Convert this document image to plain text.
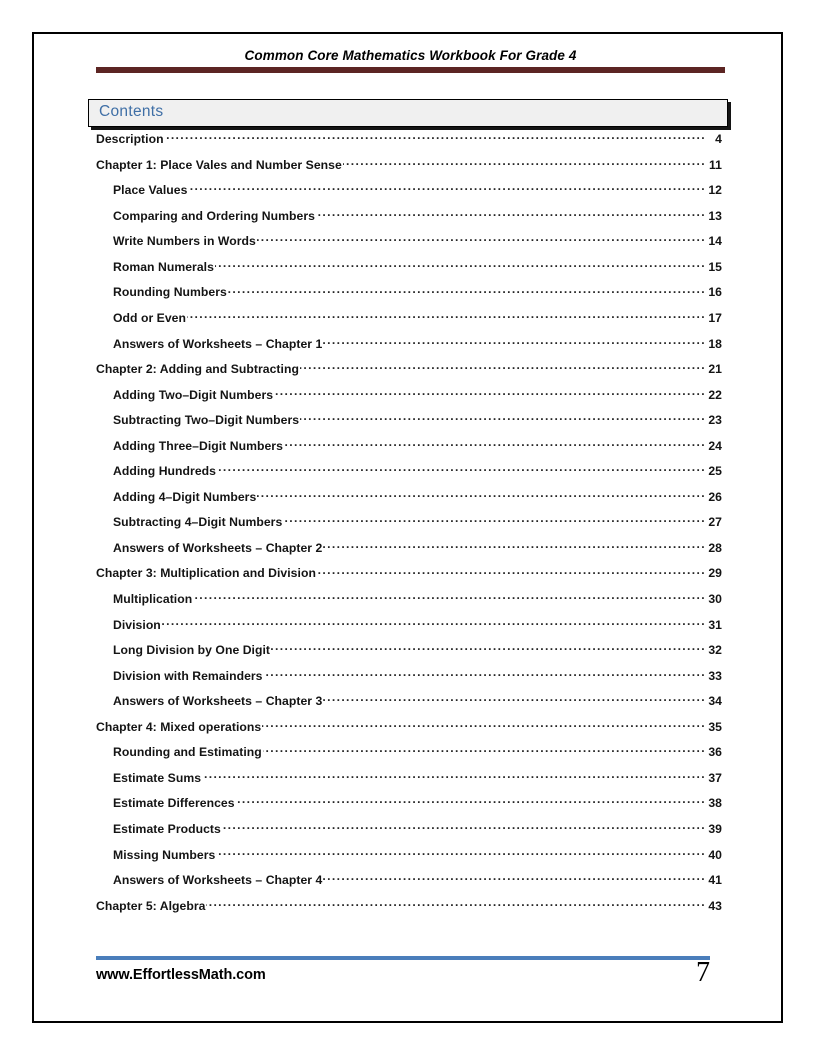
Common Core Mathematics Workbook For Grade 4
Contents
Description .....	4
Chapter 1: Place Vales and Number Sense .....	11
Place Values .....	12
Comparing and Ordering Numbers .....	13
Write Numbers in Words .....	14
Roman Numerals .....	15
Rounding Numbers .....	16
Odd or Even .....	17
Answers of Worksheets – Chapter 1 .....	18
Chapter 2: Adding and Subtracting .....	21
Adding Two–Digit Numbers .....	22
Subtracting Two–Digit Numbers .....	23
Adding Three–Digit Numbers .....	24
Adding Hundreds .....	25
Adding 4–Digit Numbers .....	26
Subtracting 4–Digit Numbers .....	27
Answers of Worksheets – Chapter 2 .....	28
Chapter 3: Multiplication and Division .....	29
Multiplication .....	30
Division .....	31
Long Division by One Digit .....	32
Division with Remainders .....	33
Answers of Worksheets – Chapter 3 .....	34
Chapter 4: Mixed operations .....	35
Rounding and Estimating .....	36
Estimate Sums .....	37
Estimate Differences .....	38
Estimate Products .....	39
Missing Numbers .....	40
Answers of Worksheets – Chapter 4 .....	41
Chapter 5: Algebra .....	43
www.EffortlessMath.com	7
